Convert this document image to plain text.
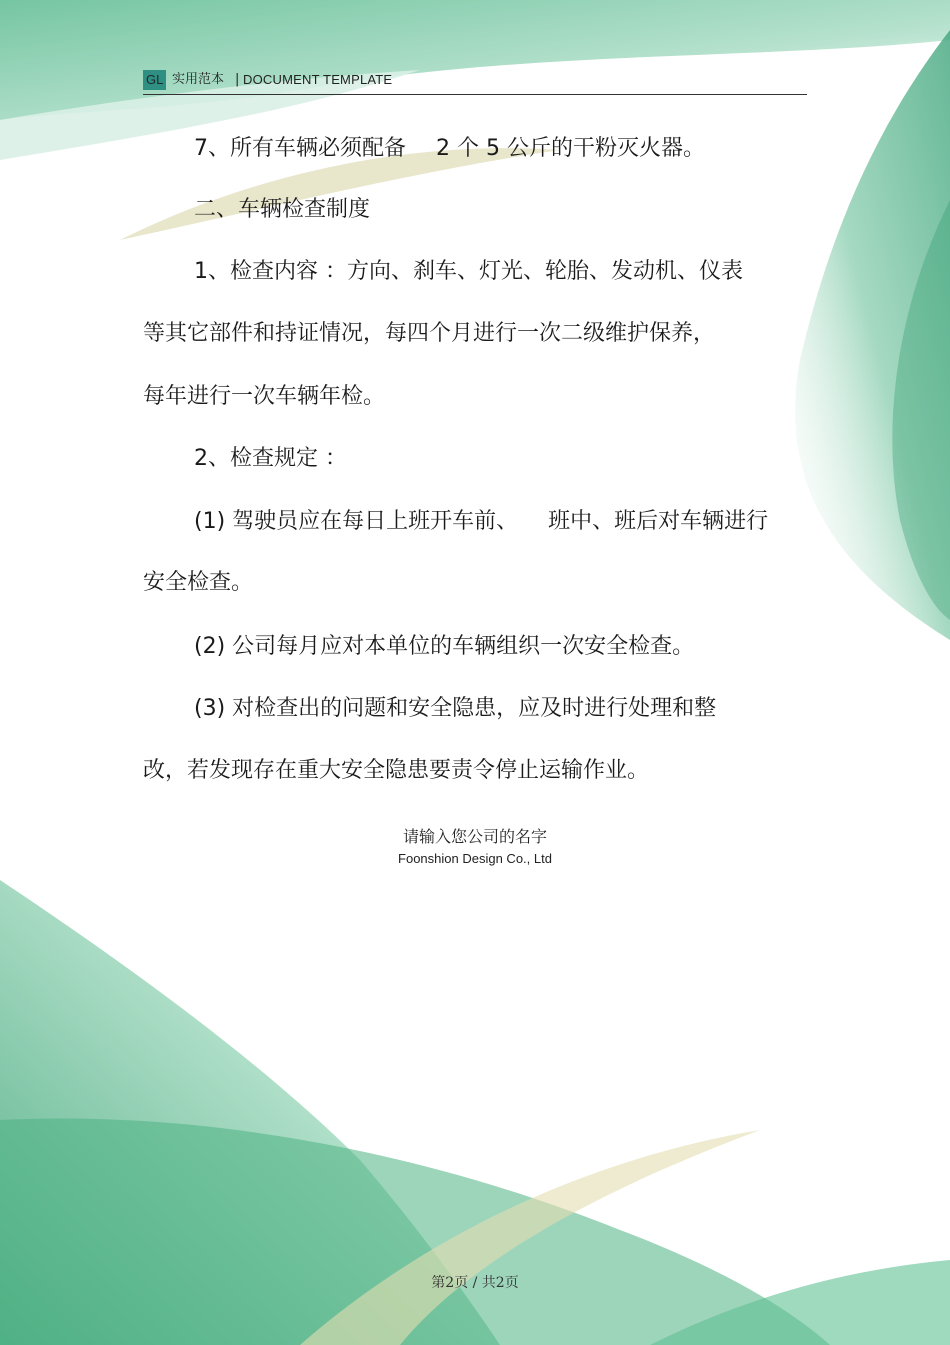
GL 实用范本 | DOCUMENT TEMPLATE
7、所有车辆必须配备 2 个 5 公斤的干粉灭火器。
二、车辆检查制度
1、检查内容 ：方向、刹车、灯光、轮胎、发动机、仪表
等其它部件和持证情况，每四个月进行一次二级维护保养，
每年进行一次车辆年检。
2、检查规定 ：
(1) 驾驶员应在每日上班开车前、 班中、班后对车辆进行
安全检查。
(2) 公司每月应对本单位的车辆组织一次安全检查。
(3) 对检查出的问题和安全隐患，应及时进行处理和整
改，若发现存在重大安全隐患要责令停止运输作业。
请输入您公司的名字
Foonshion Design Co., Ltd
第2页 / 共2页
